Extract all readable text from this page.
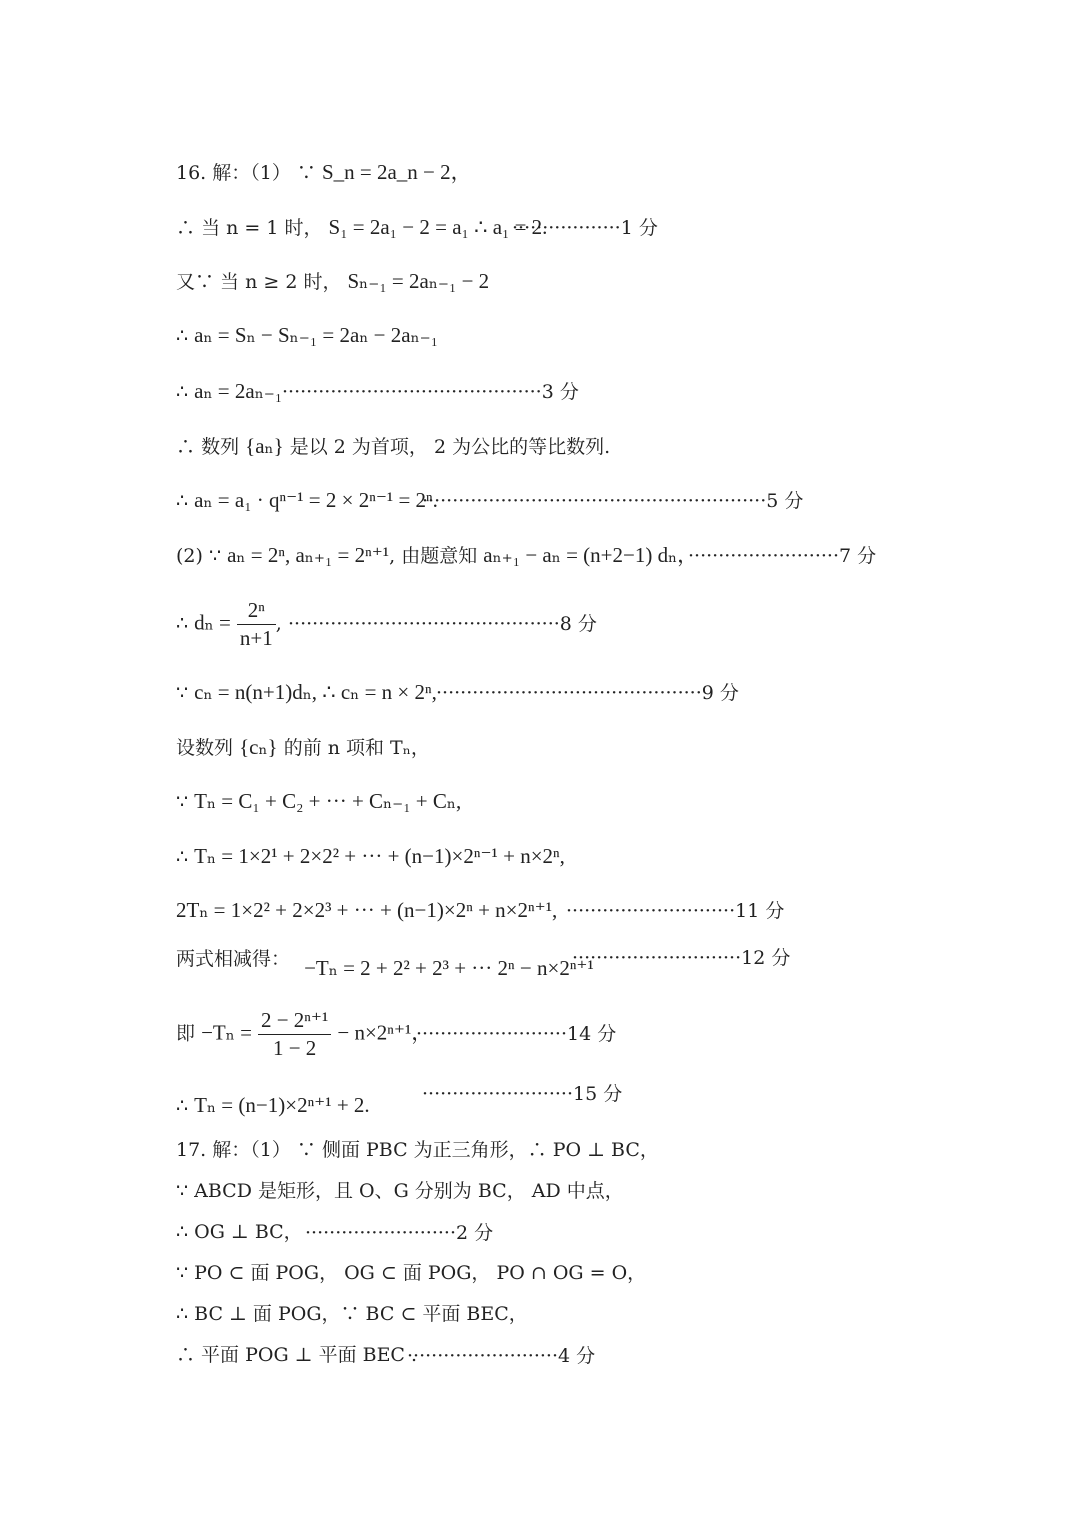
16. 解：（1） ∵ S_n = 2a_n − 2，
∴ 当 n = 1 时， S₁ = 2a₁ − 2 = a₁ ∴ a₁ = 2.
··················1 分
又∵ 当 n ≥ 2 时， Sₙ₋₁ = 2aₙ₋₁ − 2
∴ aₙ = Sₙ − Sₙ₋₁ = 2aₙ − 2aₙ₋₁
∴ aₙ = 2aₙ₋₁ ···········································3 分
∴ 数列 {aₙ} 是以 2 为首项， 2 为公比的等比数列.
∴ aₙ = a₁ · qⁿ⁻¹ = 2 × 2ⁿ⁻¹ = 2ⁿ.
·························································5 分
(2) ∵ aₙ = 2ⁿ, aₙ₊₁ = 2ⁿ⁺¹, 由题意知 aₙ₊₁ − aₙ = (n+2−1) dₙ，
·························7 分
∴ $d_n = \frac{\text{2ⁿ}}{n+1}$ , ·············································8 分
∵ cₙ = n(n+1)dₙ, ∴ cₙ = n × 2ⁿ, ············································9 分
设数列 {cₙ} 的前 n 项和 Tₙ，
∵ Tₙ = C₁ + C₂ + ··· + Cₙ₋₁ + Cₙ,
∴ Tₙ = 1×2¹ + 2×2² + ··· + (n−1)×2ⁿ⁻¹ + n×2ⁿ,
2Tₙ = 1×2² + 2×2³ + ··· + (n−1)×2ⁿ + n×2ⁿ⁺¹, ····························11 分
两式相减得： −Tₙ = 2 + 2² + 2³ + ··· 2ⁿ − n×2ⁿ⁺¹
····························12 分
即 $-T_n = \frac{\text{2 − 2ⁿ⁺¹}}{1 - 2} - n\times 2^{n+1}$，
·························14 分
∴ Tₙ = (n−1)×2ⁿ⁺¹ + 2.	·························15 分
17. 解：（1） ∵ 侧面 PBC 为正三角形，∴ PO ⊥ BC，
∵ ABCD 是矩形，且 O、G 分别为 BC， AD 中点，
∴ OG ⊥ BC， ·························2 分
∵ PO ⊂ 面 POG， OG ⊂ 面 POG， PO ∩ OG = O，
∴ BC ⊥ 面 POG，∵ BC ⊂ 平面 BEC，
∴ 平面 POG ⊥ 平面 BEC .
·························4 分
